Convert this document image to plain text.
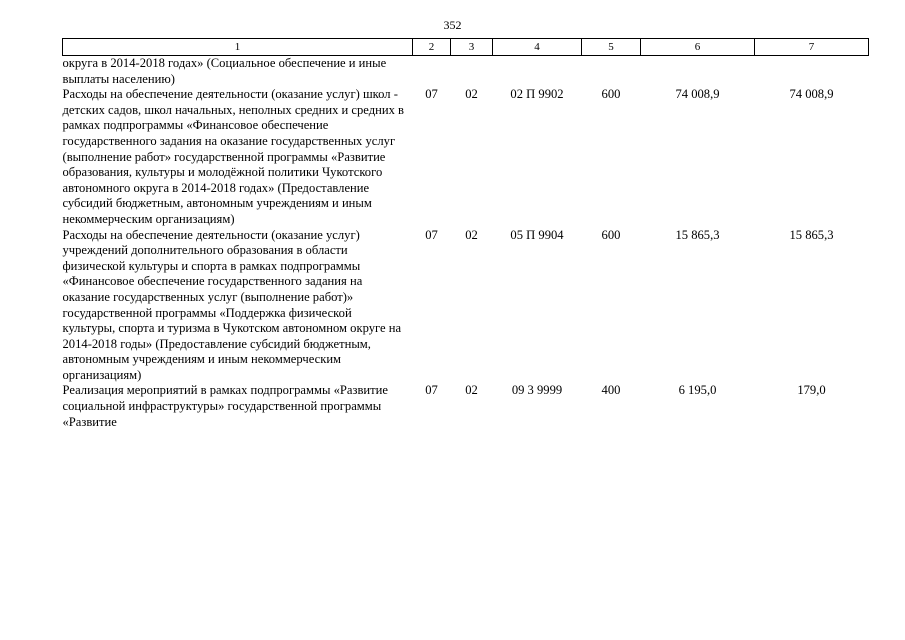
352
1	2	3	4	5	6	7
округа в 2014-2018 годах» (Социальное обеспечение и иные выплаты населению)						
Расходы на обеспечение деятельности (оказание услуг) школ - детских садов, школ начальных, неполных средних и средних в рамках подпрограммы «Финансовое обеспечение государственного задания на оказание государственных услуг (выполнение работ» государственной программы «Развитие образования, культуры и молодёжной политики Чукотского автономного округа в 2014-2018 годах» (Предоставление субсидий бюджетным, автономным учреждениям и иным некоммерческим организациям)	07	02	02 П 9902	600	74 008,9	74 008,9
Расходы на обеспечение деятельности (оказание услуг) учреждений дополнительного образования в области физической культуры и спорта в рамках подпрограммы «Финансовое обеспечение государственного задания на оказание государственных услуг (выполнение работ)» государственной программы «Поддержка физической культуры, спорта и туризма в Чукотском автономном округе на 2014-2018 годы» (Предоставление субсидий бюджетным, автономным учреждениям и иным некоммерческим организациям)	07	02	05 П 9904	600	15 865,3	15 865,3
Реализация мероприятий в рамках подпрограммы «Развитие социальной инфраструктуры» государственной программы «Развитие	07	02	09 3 9999	400	6 195,0	179,0
